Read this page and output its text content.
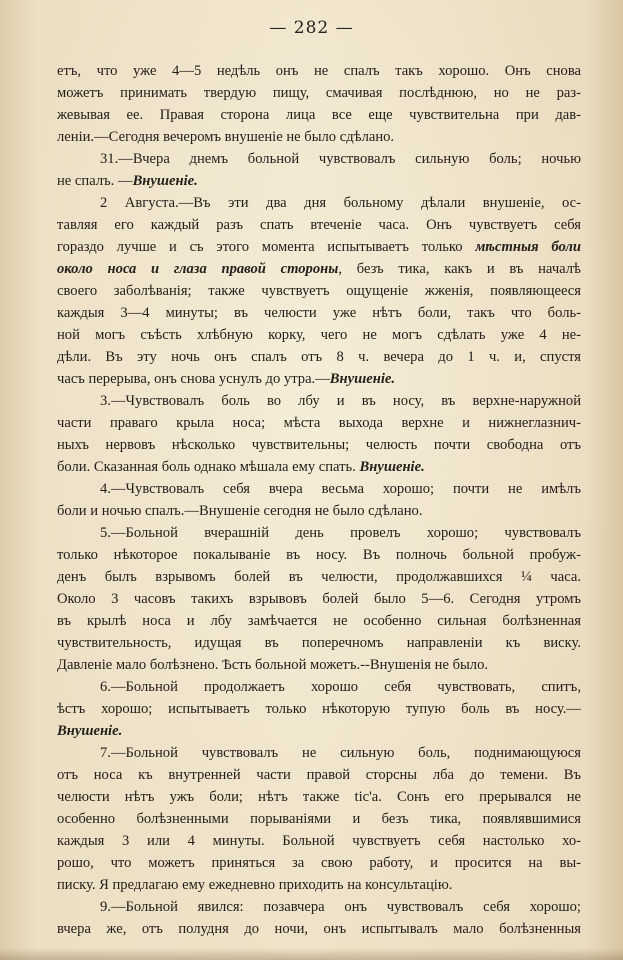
— 282 —
етъ, что уже 4—5 недѣль онъ не спалъ такъ хорошо. Онъ снова
можетъ принимать твердую пищу, смачивая послѣднюю, но не раз-
жевывая ее. Правая сторона лица все еще чувствительна при дав-
леніи.—Сегодня вечеромъ внушеніе не было сдѣлано.
31.—Вчера днемъ больной чувствовалъ сильную боль; ночью
не спалъ. —Внушеніе.
2 Августа.—Въ эти два дня больному дѣлали внушеніе, ос-
тавляя его каждый разъ спать втеченіе часа. Онъ чувствуетъ себя
гораздо лучше и съ этого момента испытываетъ только мѣстныя боли
около носа и глаза правой стороны, безъ тика, какъ и въ началѣ
своего заболѣванія; также чувствуетъ ощущеніе жженія, появляющееся
каждыя 3—4 минуты; въ челюсти уже нѣтъ боли, такъ что боль-
ной могъ съѣсть хлѣбную корку, чего не могъ сдѣлать уже 4 не-
дѣли. Въ эту ночь онъ спалъ отъ 8 ч. вечера до 1 ч. и, спустя
часъ перерыва, онъ снова уснулъ до утра.—Внушеніе.
3.—Чувствовалъ боль во лбу и въ носу, въ верхне-наружной
части праваго крыла носа; мѣста выхода верхне и нижнеглазнич-
ныхъ нервовъ нѣсколько чувствительны; челюсть почти свободна отъ
боли. Сказанная боль однако мѣшала ему спать. Внушеніе.
4.—Чувствовалъ себя вчера весьма хорошо; почти не имѣлъ
боли и ночью спалъ.—Внушеніе сегодня не было сдѣлано.
5.—Больной вчерашній день провелъ хорошо; чувствовалъ
только нѣкоторое покалываніе въ носу. Въ полночь больной пробуж-
денъ былъ взрывомъ болей въ челюсти, продолжавшихся ¼ часа.
Около 3 часовъ такихъ взрывовъ болей было 5—6. Сегодня утромъ
въ крылѣ носа и лбу замѣчается не особенно сильная болѣзненная
чувствительность, идущая въ поперечномъ направленіи къ виску.
Давленіе мало болѣзнено. Ѣсть больной можетъ.--Внушенія не было.
6.—Больной продолжаетъ хорошо себя чувствовать, спитъ,
ѣстъ хорошо; испытываетъ только нѣкоторую тупую боль въ носу.—
Внушеніе.
7.—Больной чувствовалъ не сильную боль, поднимающуюся
отъ носа къ внутренней части правой сторсны лба до темени. Въ
челюсти нѣтъ ужъ боли; нѣтъ также tic'a. Сонъ его прерывался не
особенно болѣзненными порываніями и безъ тика, появлявшимися
каждыя 3 или 4 минуты. Больной чувствуетъ себя настолько хо-
рошо, что можетъ приняться за свою работу, и просится на вы-
писку. Я предлагаю ему ежедневно приходить на консультацію.
9.—Больной явился: позавчера онъ чувствовалъ себя хорошо;
вчера же, отъ полудня до ночи, онъ испытывалъ мало болѣзненныя
